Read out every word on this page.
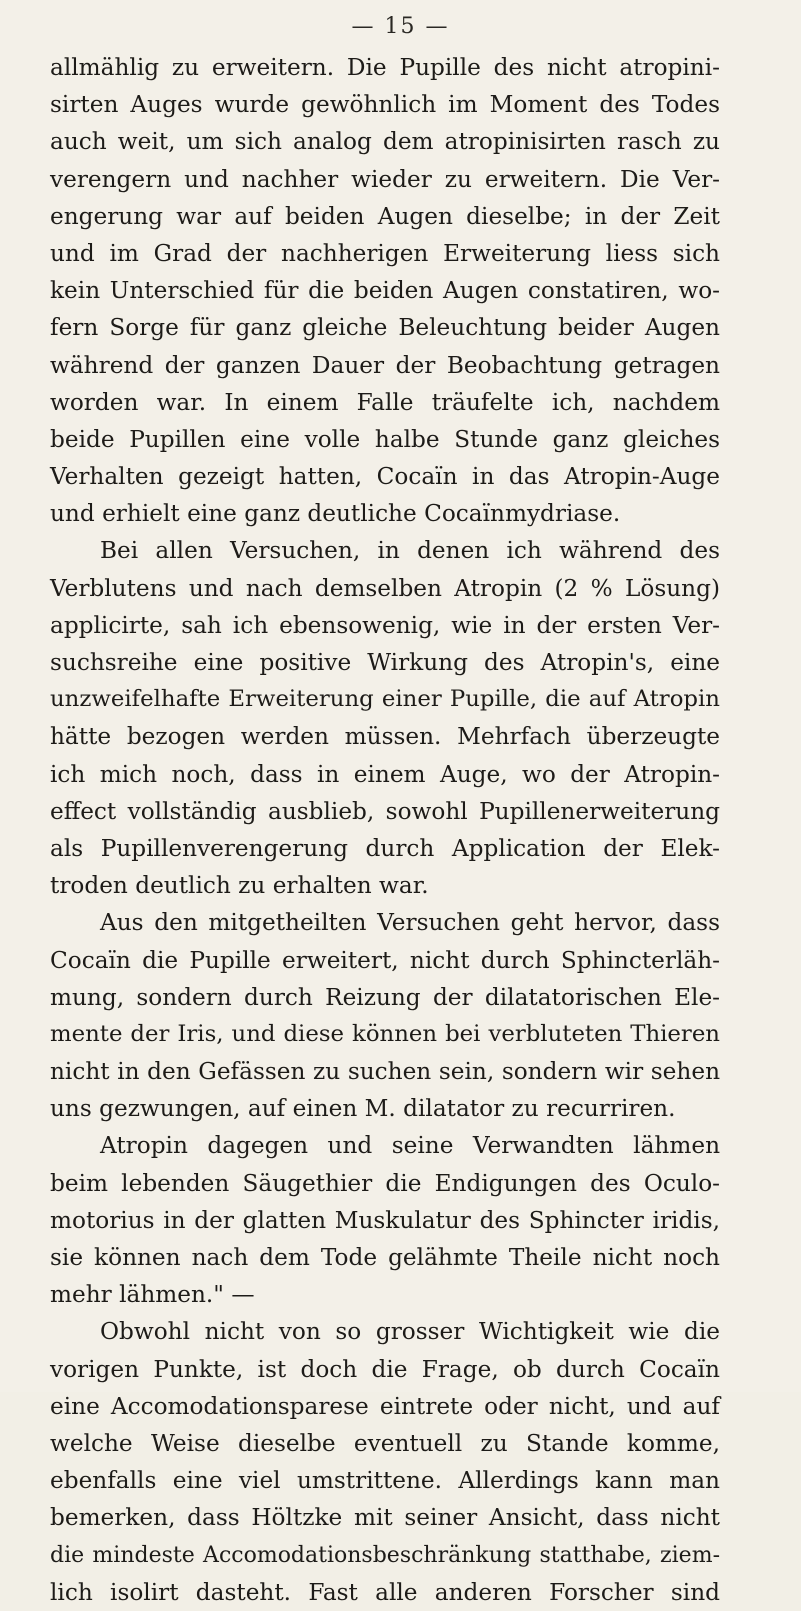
— 15 —
allmählig zu erweitern. Die Pupille des nicht atropini-
sirten Auges wurde gewöhnlich im Moment des Todes
auch weit, um sich analog dem atropinisirten rasch zu
verengern und nachher wieder zu erweitern. Die Ver-
engerung war auf beiden Augen dieselbe; in der Zeit
und im Grad der nachherigen Erweiterung liess sich
kein Unterschied für die beiden Augen constatiren, wo-
fern Sorge für ganz gleiche Beleuchtung beider Augen
während der ganzen Dauer der Beobachtung getragen
worden war. In einem Falle träufelte ich, nachdem
beide Pupillen eine volle halbe Stunde ganz gleiches
Verhalten gezeigt hatten, Cocaïn in das Atropin-Auge
und erhielt eine ganz deutliche Cocaïnmydriase.
Bei allen Versuchen, in denen ich während des
Verblutens und nach demselben Atropin (2 % Lösung)
applicirte, sah ich ebensowenig, wie in der ersten Ver-
suchsreihe eine positive Wirkung des Atropin's, eine
unzweifelhafte Erweiterung einer Pupille, die auf Atropin
hätte bezogen werden müssen. Mehrfach überzeugte
ich mich noch, dass in einem Auge, wo der Atropin-
effect vollständig ausblieb, sowohl Pupillenerweiterung
als Pupillenverengerung durch Application der Elek-
troden deutlich zu erhalten war.
Aus den mitgetheilten Versuchen geht hervor, dass
Cocaïn die Pupille erweitert, nicht durch Sphincterläh-
mung, sondern durch Reizung der dilatatorischen Ele-
mente der Iris, und diese können bei verbluteten Thieren
nicht in den Gefässen zu suchen sein, sondern wir sehen
uns gezwungen, auf einen M. dilatator zu recurriren.
Atropin dagegen und seine Verwandten lähmen
beim lebenden Säugethier die Endigungen des Oculo-
motorius in der glatten Muskulatur des Sphincter iridis,
sie können nach dem Tode gelähmte Theile nicht noch
mehr lähmen." —
Obwohl nicht von so grosser Wichtigkeit wie die
vorigen Punkte, ist doch die Frage, ob durch Cocaïn
eine Accomodationsparese eintrete oder nicht, und auf
welche Weise dieselbe eventuell zu Stande komme,
ebenfalls eine viel umstrittene. Allerdings kann man
bemerken, dass Höltzke mit seiner Ansicht, dass nicht
die mindeste Accomodationsbeschränkung statthabe, ziem-
lich isolirt dasteht. Fast alle anderen Forscher sind
